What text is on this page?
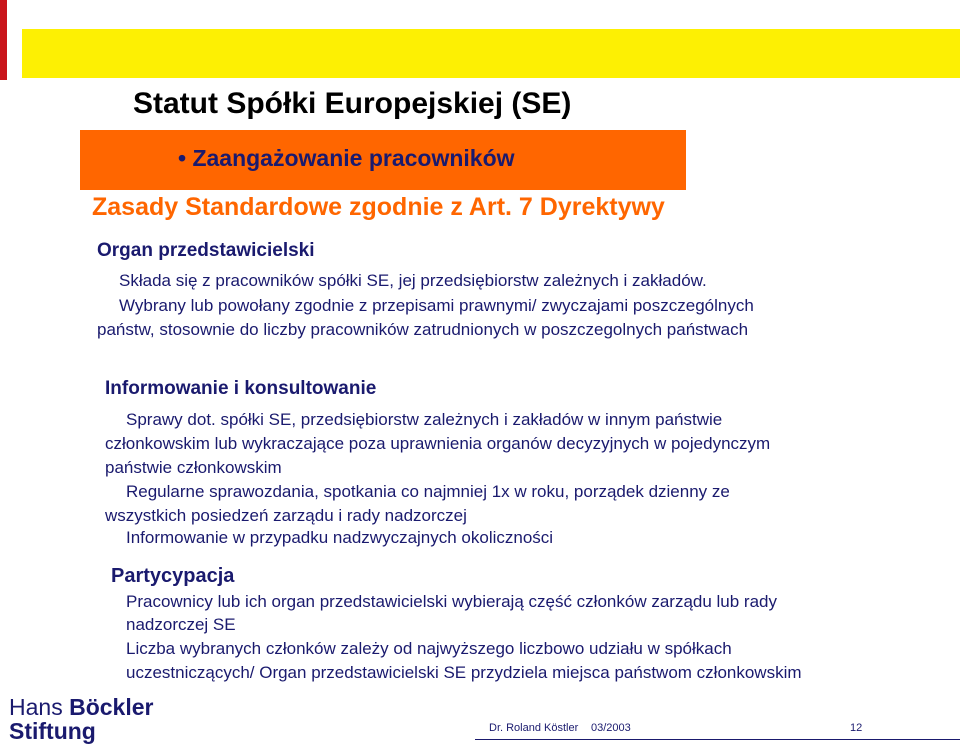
Statut Spółki Europejskiej (SE)
• Zaangażowanie pracowników
Zasady Standardowe zgodnie z Art. 7 Dyrektywy
Organ przedstawicielski
Składa się z pracowników spółki SE, jej przedsiębiorstw zależnych i zakładów.
Wybrany lub powołany zgodnie z przepisami prawnymi/ zwyczajami poszczególnych
państw, stosownie do liczby pracowników zatrudnionych w poszczegolnych państwach
Informowanie i konsultowanie
Sprawy dot. spółki SE, przedsiębiorstw zależnych i zakładów w innym państwie
członkowskim lub wykraczające poza uprawnienia organów decyzyjnych w pojedynczym
państwie członkowskim
Regularne sprawozdania, spotkania co najmniej 1x w roku, porządek dzienny ze
wszystkich posiedzeń zarządu i rady nadzorczej
Informowanie w przypadku nadzwyczajnych okoliczności
Partycypacja
Pracownicy lub ich organ przedstawicielski wybierają część członków zarządu lub rady
nadzorczej SE
Liczba wybranych członków zależy od najwyższego liczbowo udziału w spółkach
uczestniczących/ Organ przedstawicielski SE przydziela miejsca państwom członkowskim
Hans Böckler
Stiftung	Dr. Roland Köstler 03/2003	12
